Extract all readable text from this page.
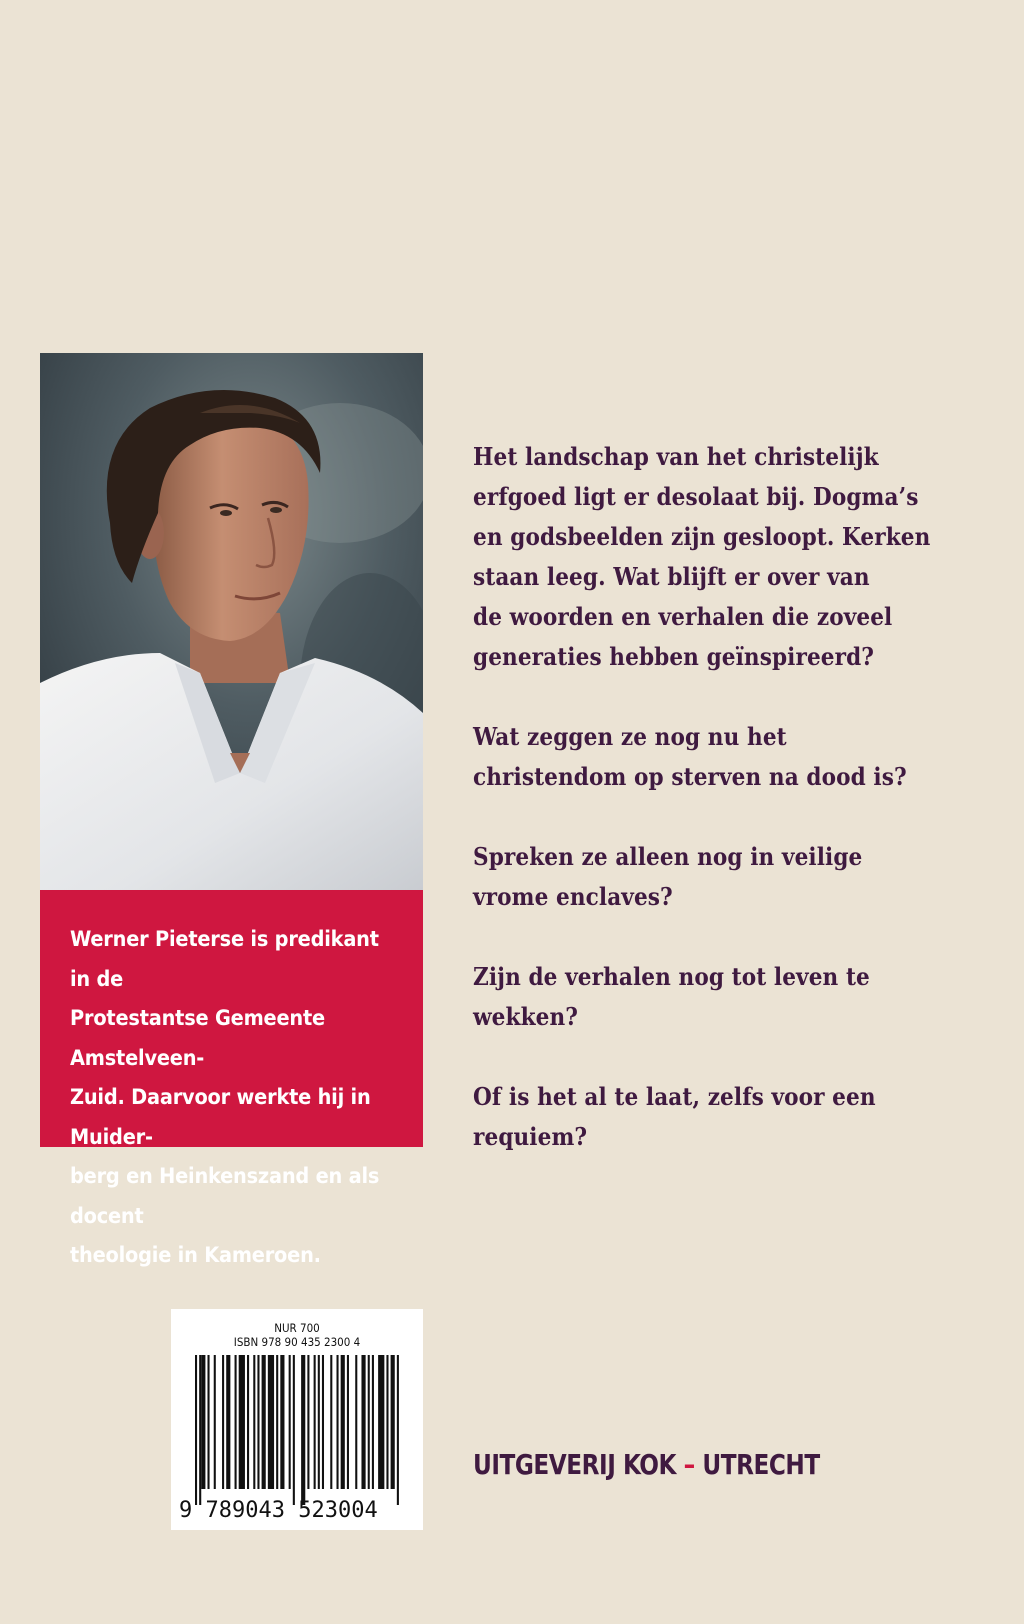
Werner Pieterse is predikant in de
Protestantse Gemeente Amstelveen-
Zuid. Daarvoor werkte hij in Muider-
berg en Heinkenszand en als docent
theologie in Kameroen.

Het landschap van het christelijk
erfgoed ligt er desolaat bij. Dogma’s
en godsbeelden zijn gesloopt. Kerken
staan leeg. Wat blijft er over van
de woorden en verhalen die zoveel
generaties hebben geïnspireerd?

Wat zeggen ze nog nu het
christendom op sterven na dood is?

Spreken ze alleen nog in veilige
vrome enclaves?

Zijn de verhalen nog tot leven te
wekken?

Of is het al te laat, zelfs voor een
requiem?

NUR 700
ISBN 978 90 435 2300 4
9 789043 523004
UITGEVERIJ KOK – UTRECHT
